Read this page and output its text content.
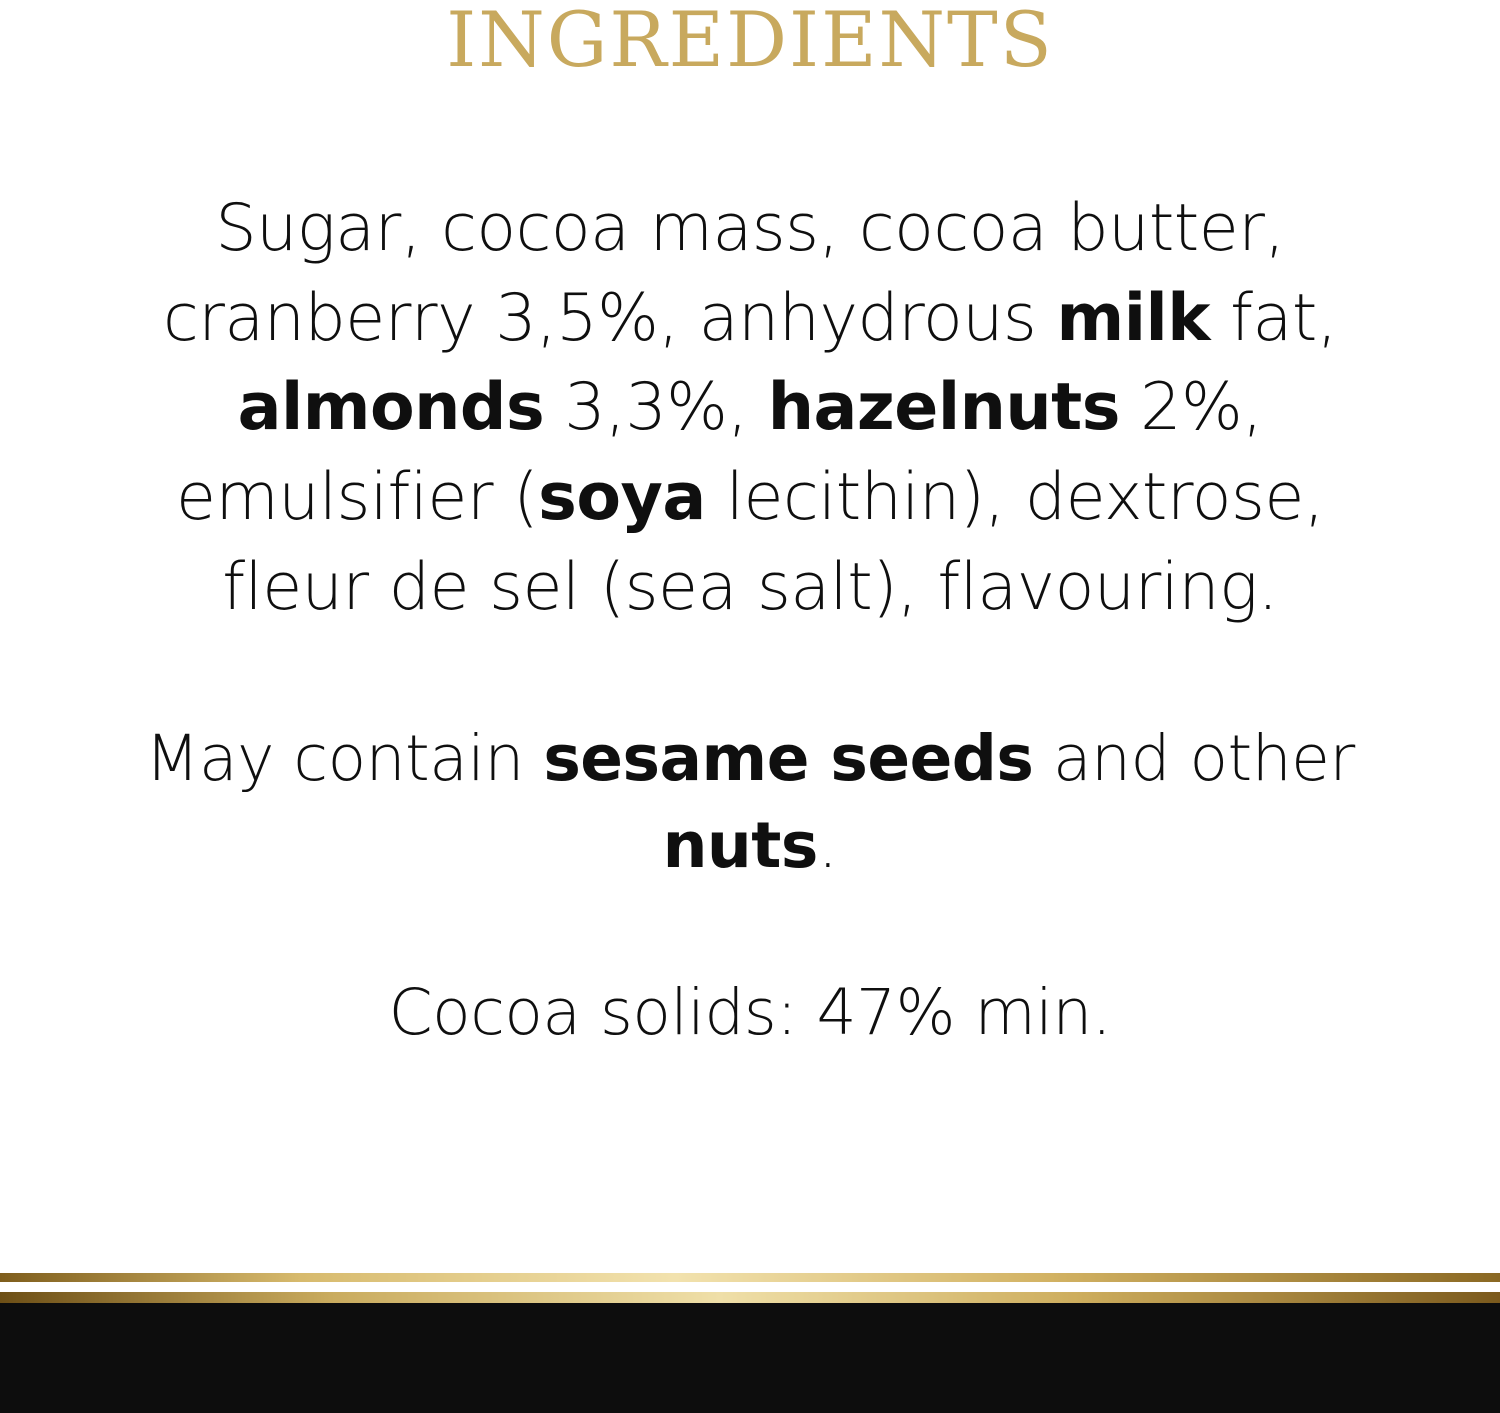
INGREDIENTS
Sugar, cocoa mass, cocoa butter, cranberry 3,5%, anhydrous milk fat, almonds 3,3%, hazelnuts 2%, emulsifier (soya lecithin), dextrose, fleur de sel (sea salt), flavouring.
May contain sesame seeds and other nuts.
Cocoa solids: 47% min.
